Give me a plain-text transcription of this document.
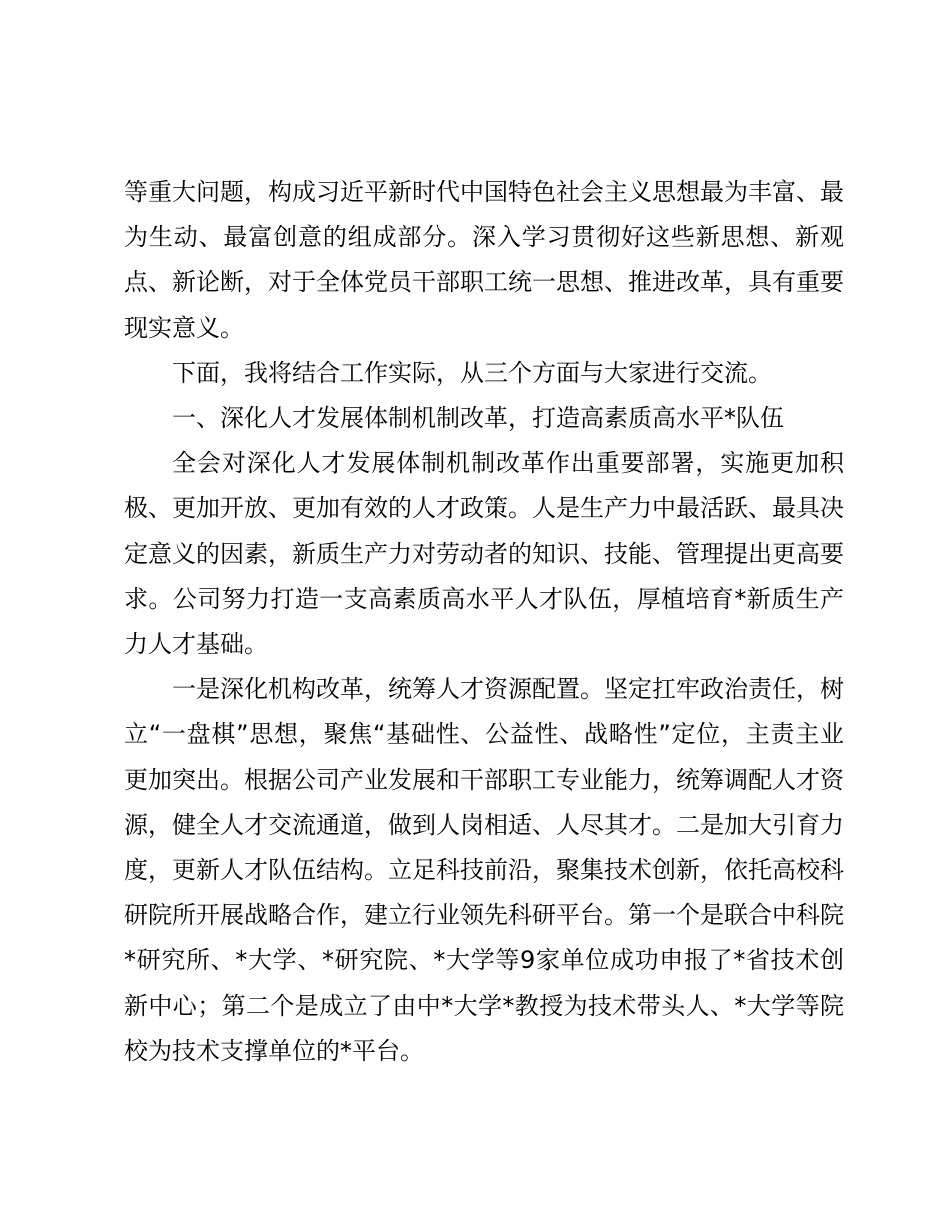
等重大问题，构成习近平新时代中国特色社会主义思想最为丰富、最为生动、最富创意的组成部分。深入学习贯彻好这些新思想、新观点、新论断，对于全体党员干部职工统一思想、推进改革，具有重要现实意义。

下面，我将结合工作实际，从三个方面与大家进行交流。

一、深化人才发展体制机制改革，打造高素质高水平*队伍

全会对深化人才发展体制机制改革作出重要部署，实施更加积极、更加开放、更加有效的人才政策。人是生产力中最活跃、最具决定意义的因素，新质生产力对劳动者的知识、技能、管理提出更高要求。公司努力打造一支高素质高水平人才队伍，厚植培育*新质生产力人才基础。

一是深化机构改革，统筹人才资源配置。坚定扛牢政治责任，树立“一盘棋”思想，聚焦“基础性、公益性、战略性”定位，主责主业更加突出。根据公司产业发展和干部职工专业能力，统筹调配人才资源，健全人才交流通道，做到人岗相适、人尽其才。二是加大引育力度，更新人才队伍结构。立足科技前沿，聚集技术创新，依托高校科研院所开展战略合作，建立行业领先科研平台。第一个是联合中科院*研究所、*大学、*研究院、*大学等9家单位成功申报了*省技术创新中心；第二个是成立了由中*大学*教授为技术带头人、*大学等院校为技术支撑单位的*平台。
